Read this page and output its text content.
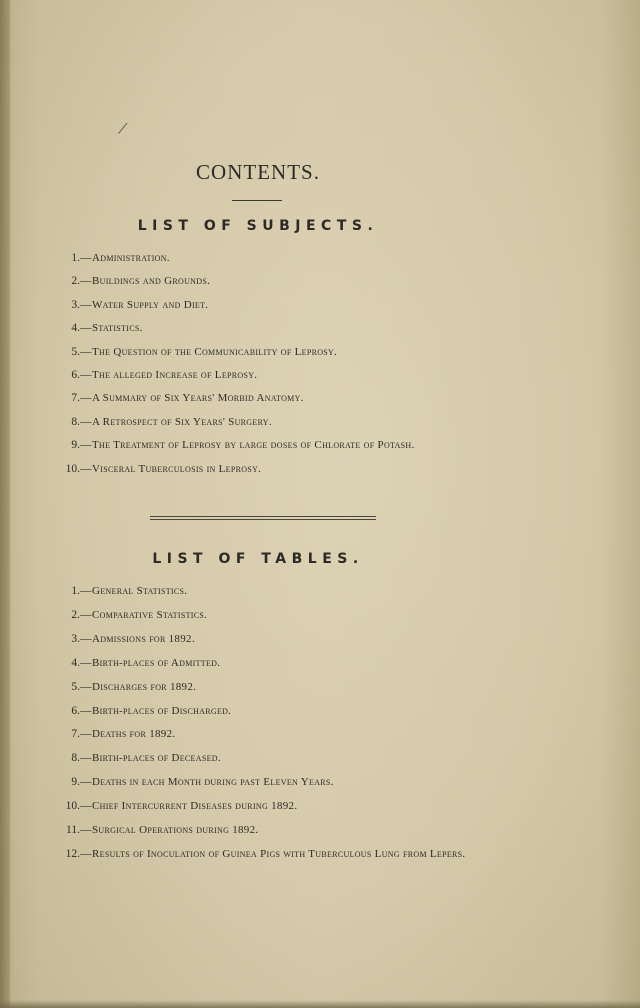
/
CONTENTS.
LIST OF SUBJECTS.
1. — Administration.
2. — Buildings and Grounds.
3. — Water Supply and Diet.
4. — Statistics.
5. — The Question of the Communicability of Leprosy.
6. — The alleged Increase of Leprosy.
7. — A Summary of Six Years' Morbid Anatomy.
8. — A Retrospect of Six Years' Surgery.
9. — The Treatment of Leprosy by large doses of Chlorate of Potash.
10. — Visceral Tuberculosis in Leprosy.
LIST OF TABLES.
1. — General Statistics.
2. — Comparative Statistics.
3. — Admissions for 1892.
4. — Birth-places of Admitted.
5. — Discharges for 1892.
6. — Birth-places of Discharged.
7. — Deaths for 1892.
8. — Birth-places of Deceased.
9. — Deaths in each Month during past Eleven Years.
10. — Chief Intercurrent Diseases during 1892.
11. — Surgical Operations during 1892.
12. — Results of Inoculation of Guinea Pigs with Tuberculous Lung from Lepers.
